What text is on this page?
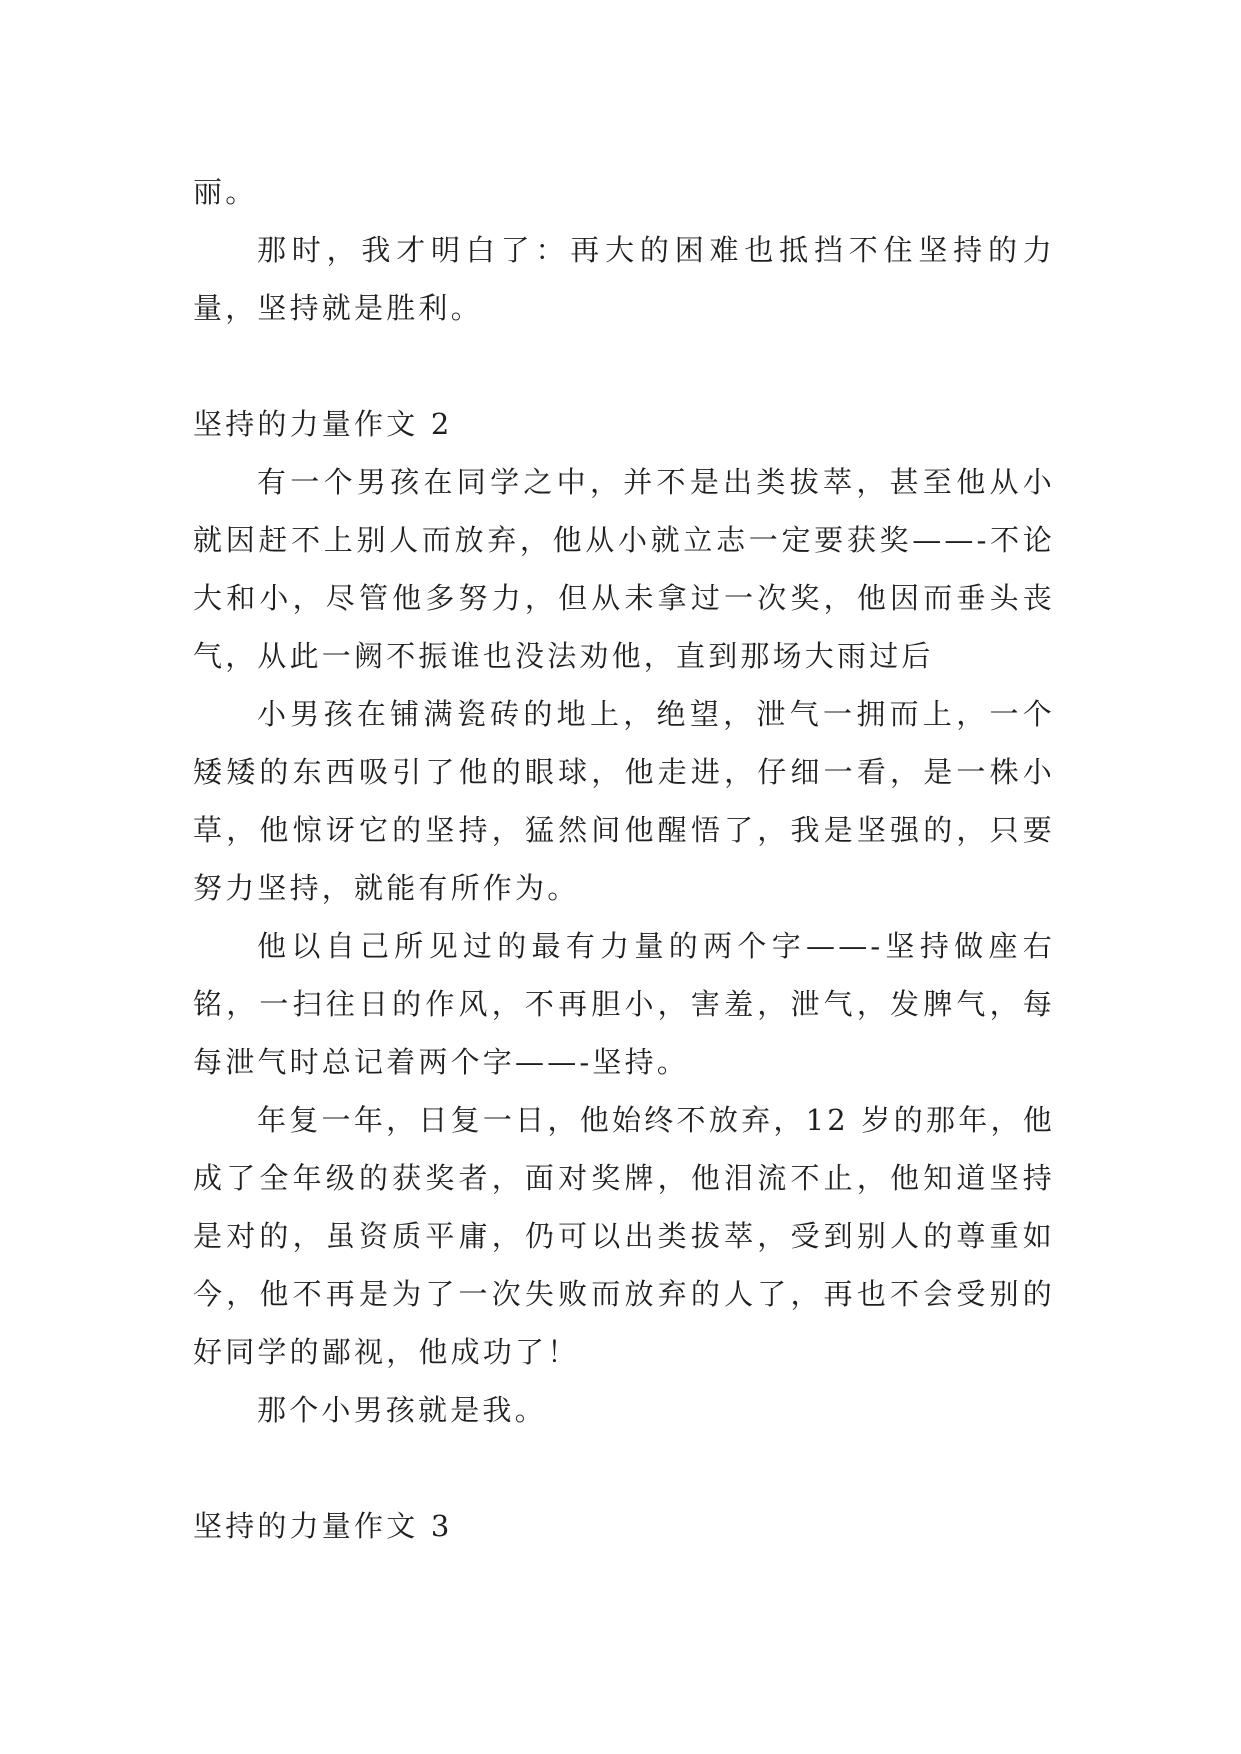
丽。

那时，我才明白了：再大的困难也抵挡不住坚持的力量，坚持就是胜利。

坚持的力量作文 2

有一个男孩在同学之中，并不是出类拔萃，甚至他从小就因赶不上别人而放弃，他从小就立志一定要获奖——-不论大和小，尽管他多努力，但从未拿过一次奖，他因而垂头丧气，从此一阙不振谁也没法劝他，直到那场大雨过后

小男孩在铺满瓷砖的地上，绝望，泄气一拥而上，一个矮矮的东西吸引了他的眼球，他走进，仔细一看，是一株小草，他惊讶它的坚持，猛然间他醒悟了，我是坚强的，只要努力坚持，就能有所作为。

他以自己所见过的最有力量的两个字——-坚持做座右铭，一扫往日的作风，不再胆小，害羞，泄气，发脾气，每每泄气时总记着两个字——-坚持。

年复一年，日复一日，他始终不放弃，12 岁的那年，他成了全年级的获奖者，面对奖牌，他泪流不止，他知道坚持是对的，虽资质平庸，仍可以出类拔萃，受到别人的尊重如今，他不再是为了一次失败而放弃的人了，再也不会受别的好同学的鄙视，他成功了！

那个小男孩就是我。

坚持的力量作文 3
